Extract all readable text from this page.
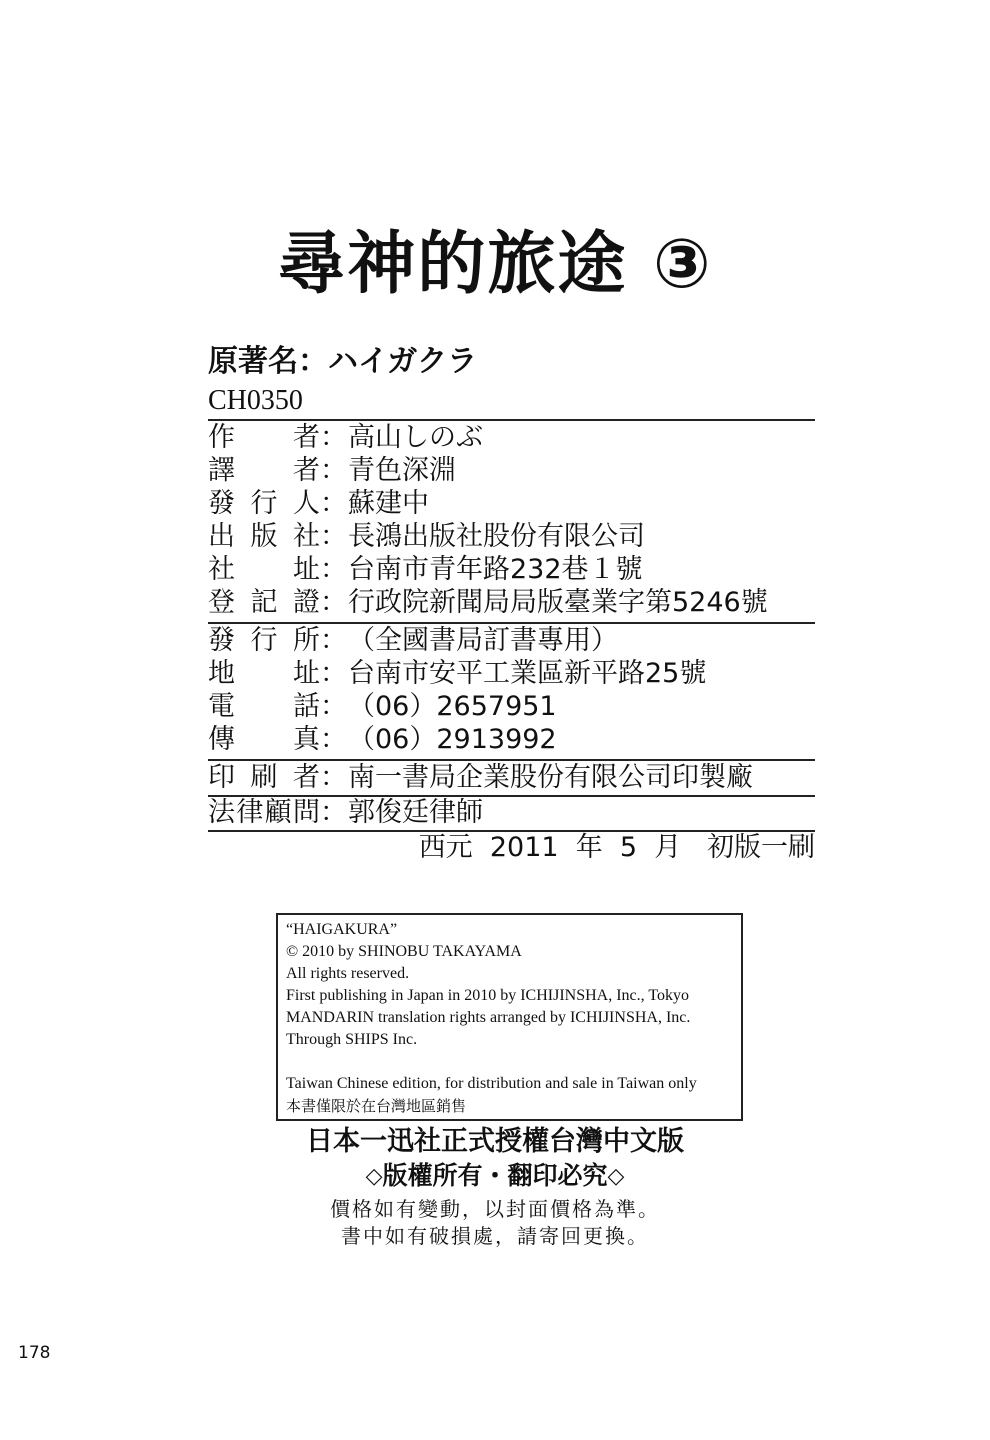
尋神的旅途 ③
原著名：ハイガクラ
CH0350
作 者 ： 高山しのぶ
譯 者 ： 青色深淵
發 行 人 ： 蘇建中
出 版 社 ： 長鴻出版社股份有限公司
社 址 ： 台南市青年路232巷１號
登 記 證 ： 行政院新聞局局版臺業字第5246號
發 行 所 ： （全國書局訂書專用）
地 址 ： 台南市安平工業區新平路25號
電 話 ： （06）2657951
傳 真 ： （06）2913992
印 刷 者 ： 南一書局企業股份有限公司印製廠
法 律 顧 問 ： 郭俊廷律師
西元  2011  年  5  月   初版一刷
“HAIGAKURA”
© 2010 by SHINOBU TAKAYAMA
All rights reserved.
First publishing in Japan in 2010 by ICHIJINSHA, Inc., Tokyo
MANDARIN translation rights arranged by ICHIJINSHA, Inc.
Through SHIPS Inc.
Taiwan Chinese edition, for distribution and sale in Taiwan only
本書僅限於在台灣地區銷售
日本一迅社正式授權台灣中文版
◇版權所有・翻印必究◇
價格如有變動，以封面價格為準。
書中如有破損處，請寄回更換。
178
